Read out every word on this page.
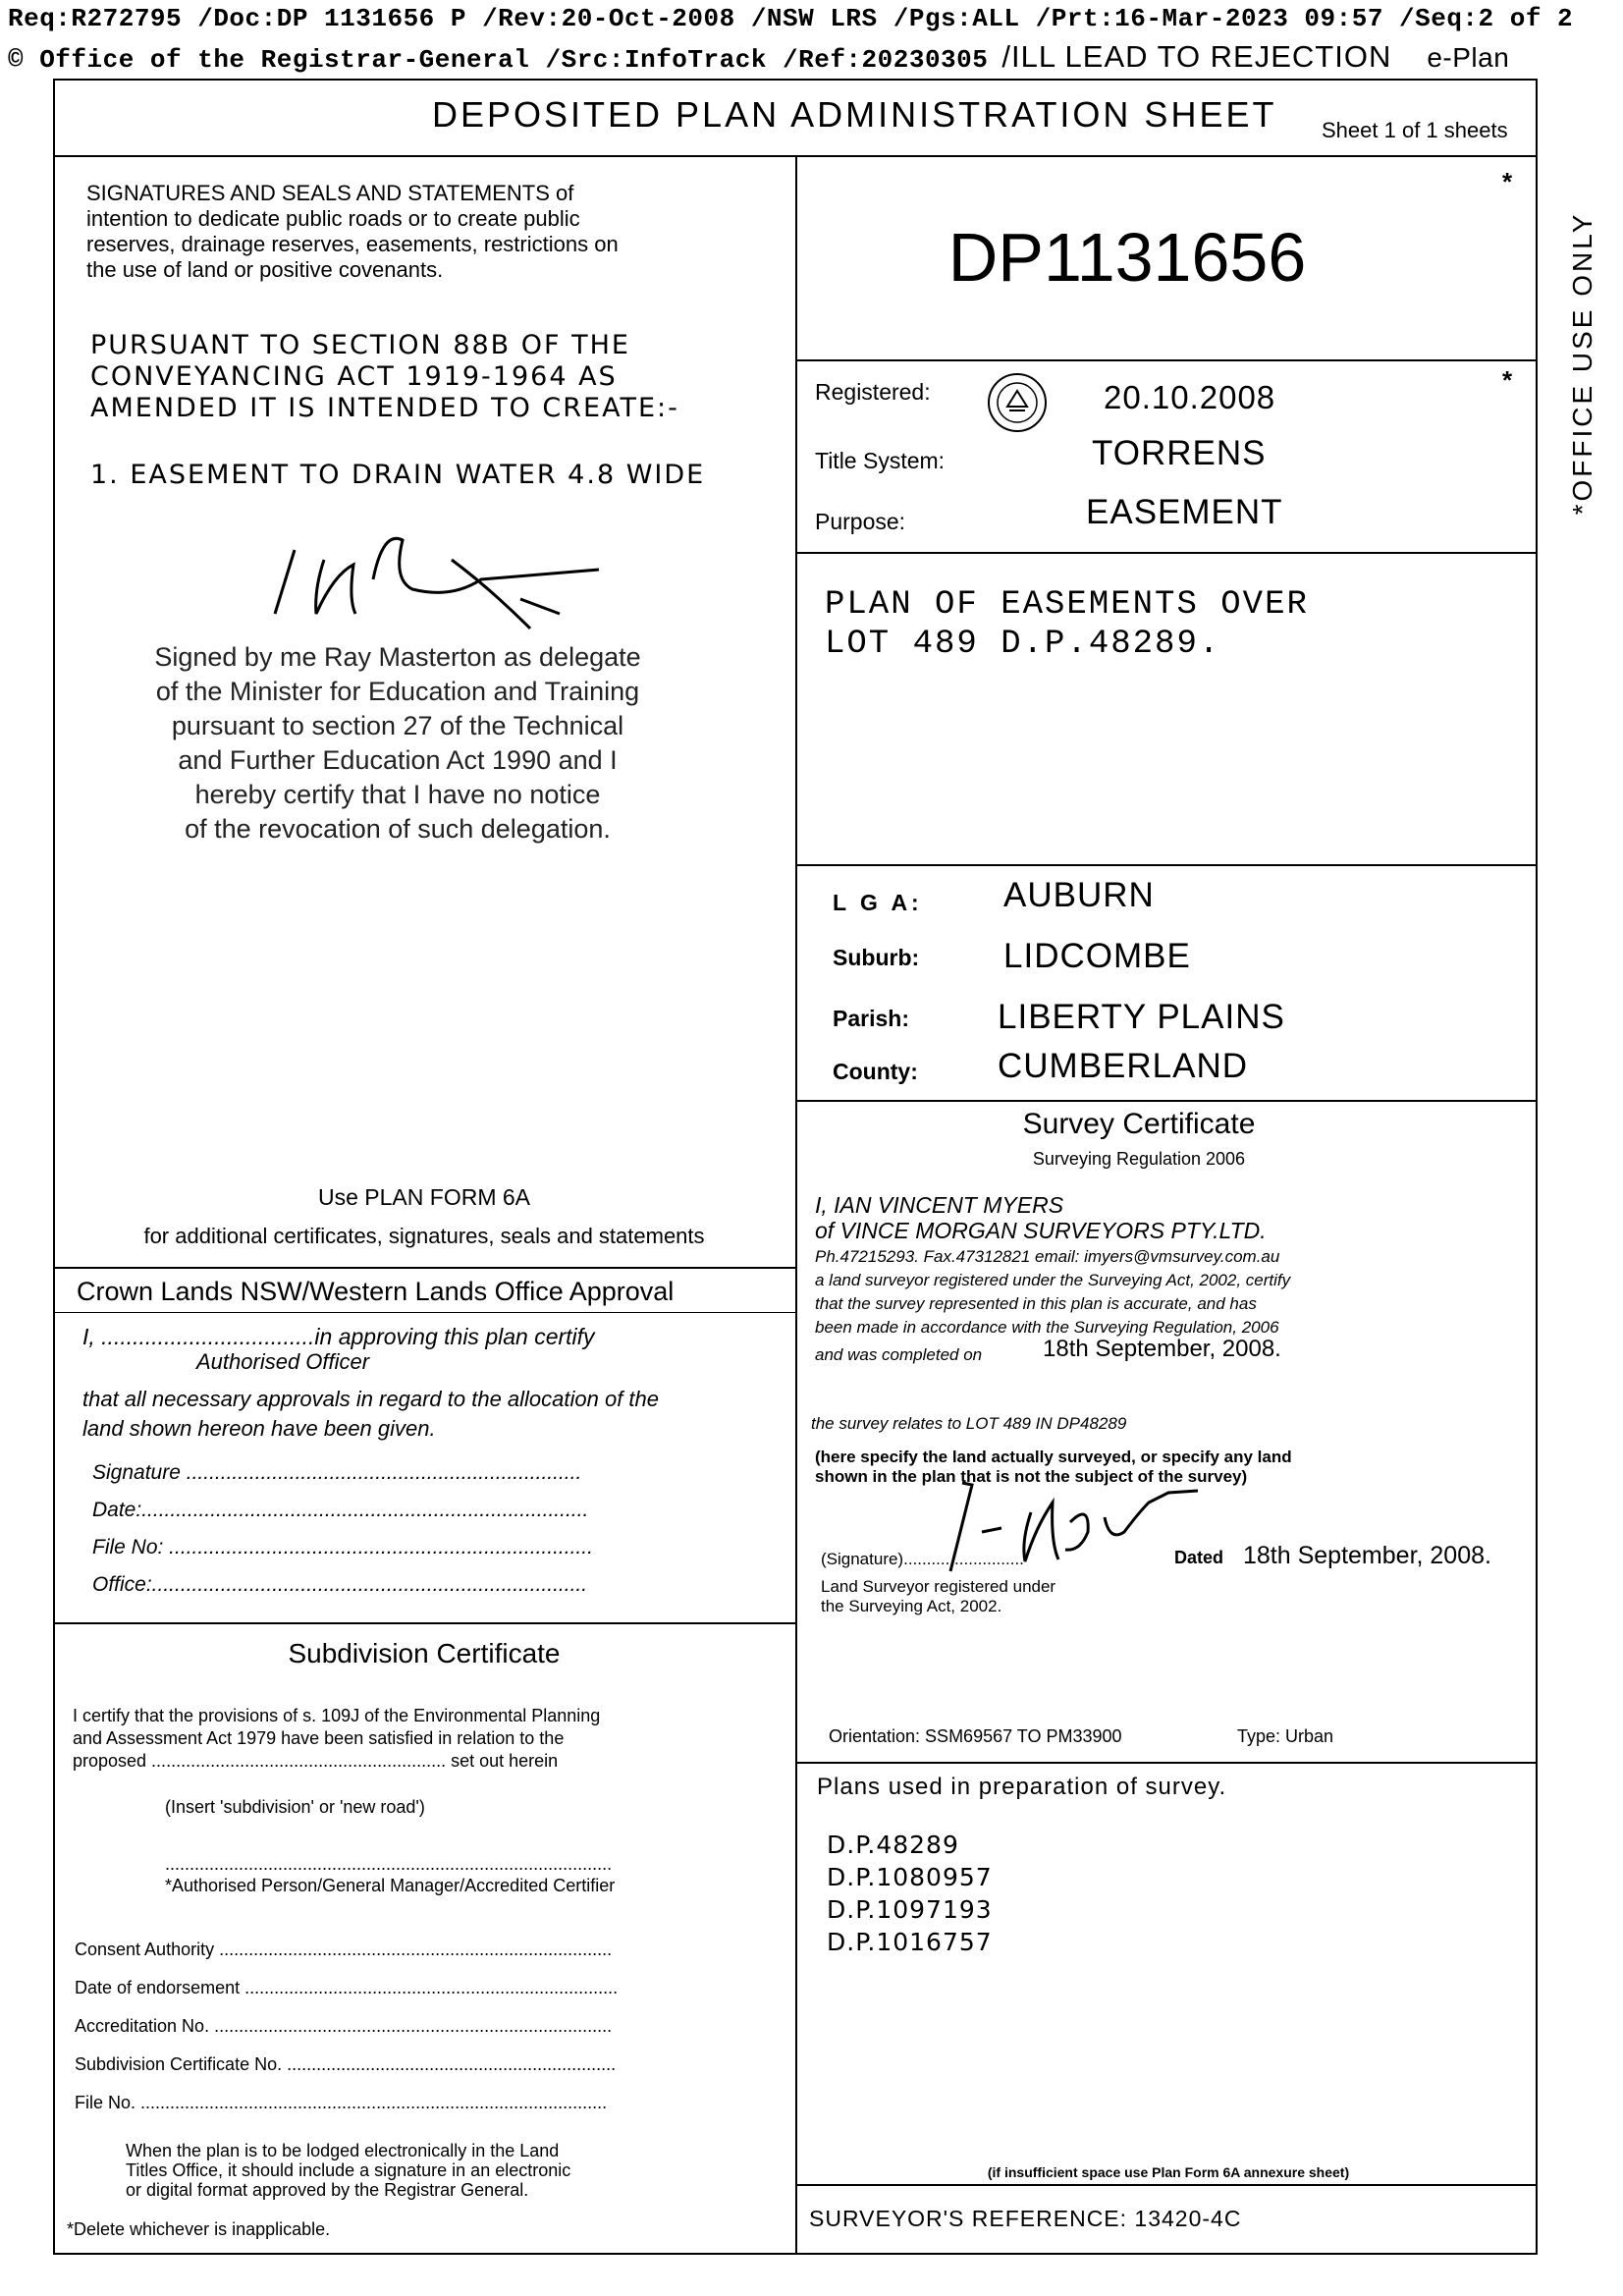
Req:R272795 /Doc:DP 1131656 P /Rev:20-Oct-2008 /NSW LRS /Pgs:ALL /Prt:16-Mar-2023 09:57 /Seq:2 of 2
© Office of the Registrar-General /Src:InfoTrack /Ref:20230305 /ILL LEAD TO REJECTION e-Plan
DEPOSITED PLAN ADMINISTRATION SHEET Sheet 1 of 1 sheets
*OFFICE USE ONLY
SIGNATURES AND SEALS AND STATEMENTS of
intention to dedicate public roads or to create public
reserves, drainage reserves, easements, restrictions on
the use of land or positive covenants.
PURSUANT TO SECTION 88B OF THE
CONVEYANCING ACT 1919-1964 AS
AMENDED IT IS INTENDED TO CREATE:-
1. EASEMENT TO DRAIN WATER 4.8 WIDE
Signed by me Ray Masterton as delegate
of the Minister for Education and Training
pursuant to section 27 of the Technical
and Further Education Act 1990 and I
hereby certify that I have no notice
of the revocation of such delegation.
Use PLAN FORM 6A
for additional certificates, signatures, seals and statements
Crown Lands NSW/Western Lands Office Approval
I, ..................................in approving this plan certify
Authorised Officer
that all necessary approvals in regard to the allocation of the
land shown hereon have been given.
Signature .....................................................................
Date:..............................................................................
File No: ..........................................................................
Office:............................................................................
Subdivision Certificate
I certify that the provisions of s. 109J of the Environmental Planning
and Assessment Act 1979 have been satisfied in relation to the
proposed ............................................................ set out herein
(Insert 'subdivision' or 'new road')
...........................................................................................
*Authorised Person/General Manager/Accredited Certifier
Consent Authority ................................................................................
Date of endorsement ............................................................................
Accreditation No. .................................................................................
Subdivision Certificate No. ...................................................................
File No. ...............................................................................................
When the plan is to be lodged electronically in the Land
Titles Office, it should include a signature in an electronic
or digital format approved by the Registrar General.
*Delete whichever is inapplicable.
*
DP1131656
*
Registered:	20.10.2008
Title System:	TORRENS
Purpose:	EASEMENT
PLAN OF EASEMENTS OVER
LOT 489 D.P.48289.
L G A: AUBURN
Suburb: LIDCOMBE
Parish:	LIBERTY PLAINS
County: CUMBERLAND
Survey Certificate
Surveying Regulation 2006
I, IAN VINCENT MYERS
of VINCE MORGAN SURVEYORS PTY.LTD.
Ph.47215293. Fax.47312821 email: imyers@vmsurvey.com.au
a land surveyor registered under the Surveying Act, 2002, certify
that the survey represented in this plan is accurate, and has
been made in accordance with the Surveying Regulation, 2006
and was completed on	18th September, 2008.
the survey relates to LOT 489 IN DP48289
(here specify the land actually surveyed, or specify any land
shown in the plan that is not the subject of the survey)
(Signature)..........................	Dated 18th September, 2008.
Land Surveyor registered under
the Surveying Act, 2002.
Orientation: SSM69567 TO PM33900	Type: Urban
Plans used in preparation of survey.
D.P.48289
D.P.1080957
D.P.1097193
D.P.1016757
(if insufficient space use Plan Form 6A annexure sheet)
SURVEYOR'S REFERENCE: 13420-4C
